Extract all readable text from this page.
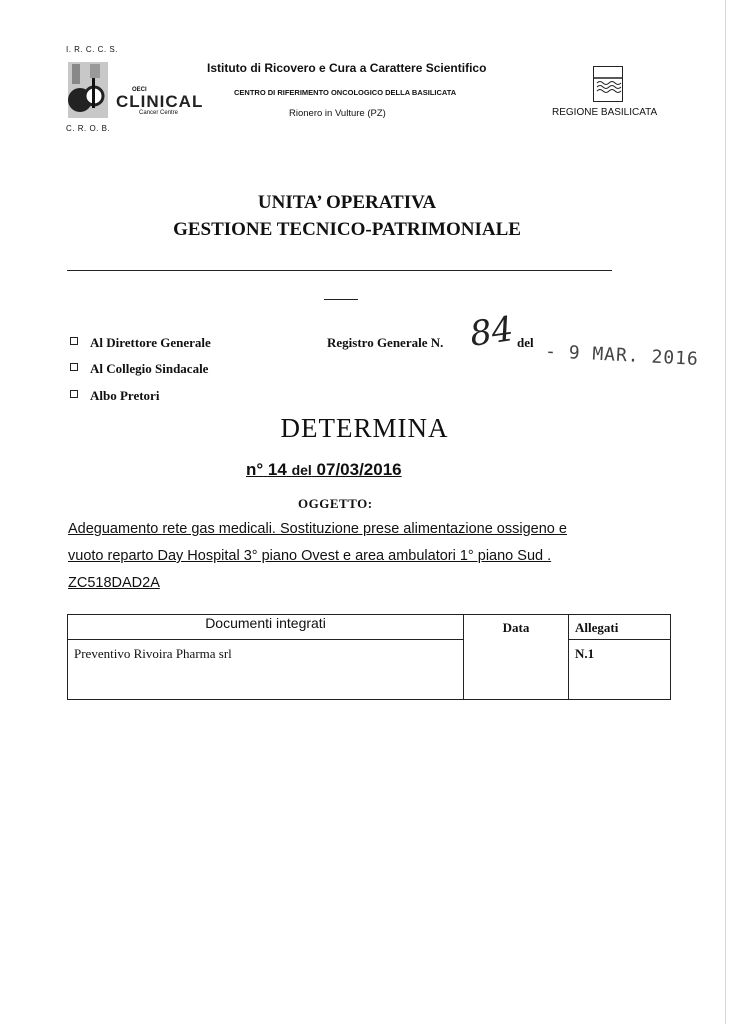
I. R. C. C. S.
OECI
CLINICAL
Cancer Centre
C. R. O. B.
Istituto di Ricovero e Cura a Carattere Scientifico
CENTRO DI RIFERIMENTO ONCOLOGICO DELLA BASILICATA
Rionero in Vulture (PZ)	REGIONE BASILICATA
UNITA’ OPERATIVA
GESTIONE TECNICO-PATRIMONIALE
Al Direttore Generale
Al Collegio Sindacale
Albo Pretori
Registro Generale N. 84 del - 9 MAR. 2016
DETERMINA
n° 14 del 07/03/2016
OGGETTO:
Adeguamento rete gas medicali. Sostituzione prese alimentazione ossigeno e
vuoto reparto Day Hospital 3° piano Ovest e area ambulatori 1° piano Sud .
ZC518DAD2A
Documenti integrati	Data	Allegati

Preventivo Rivoira Pharma srl		N.1
